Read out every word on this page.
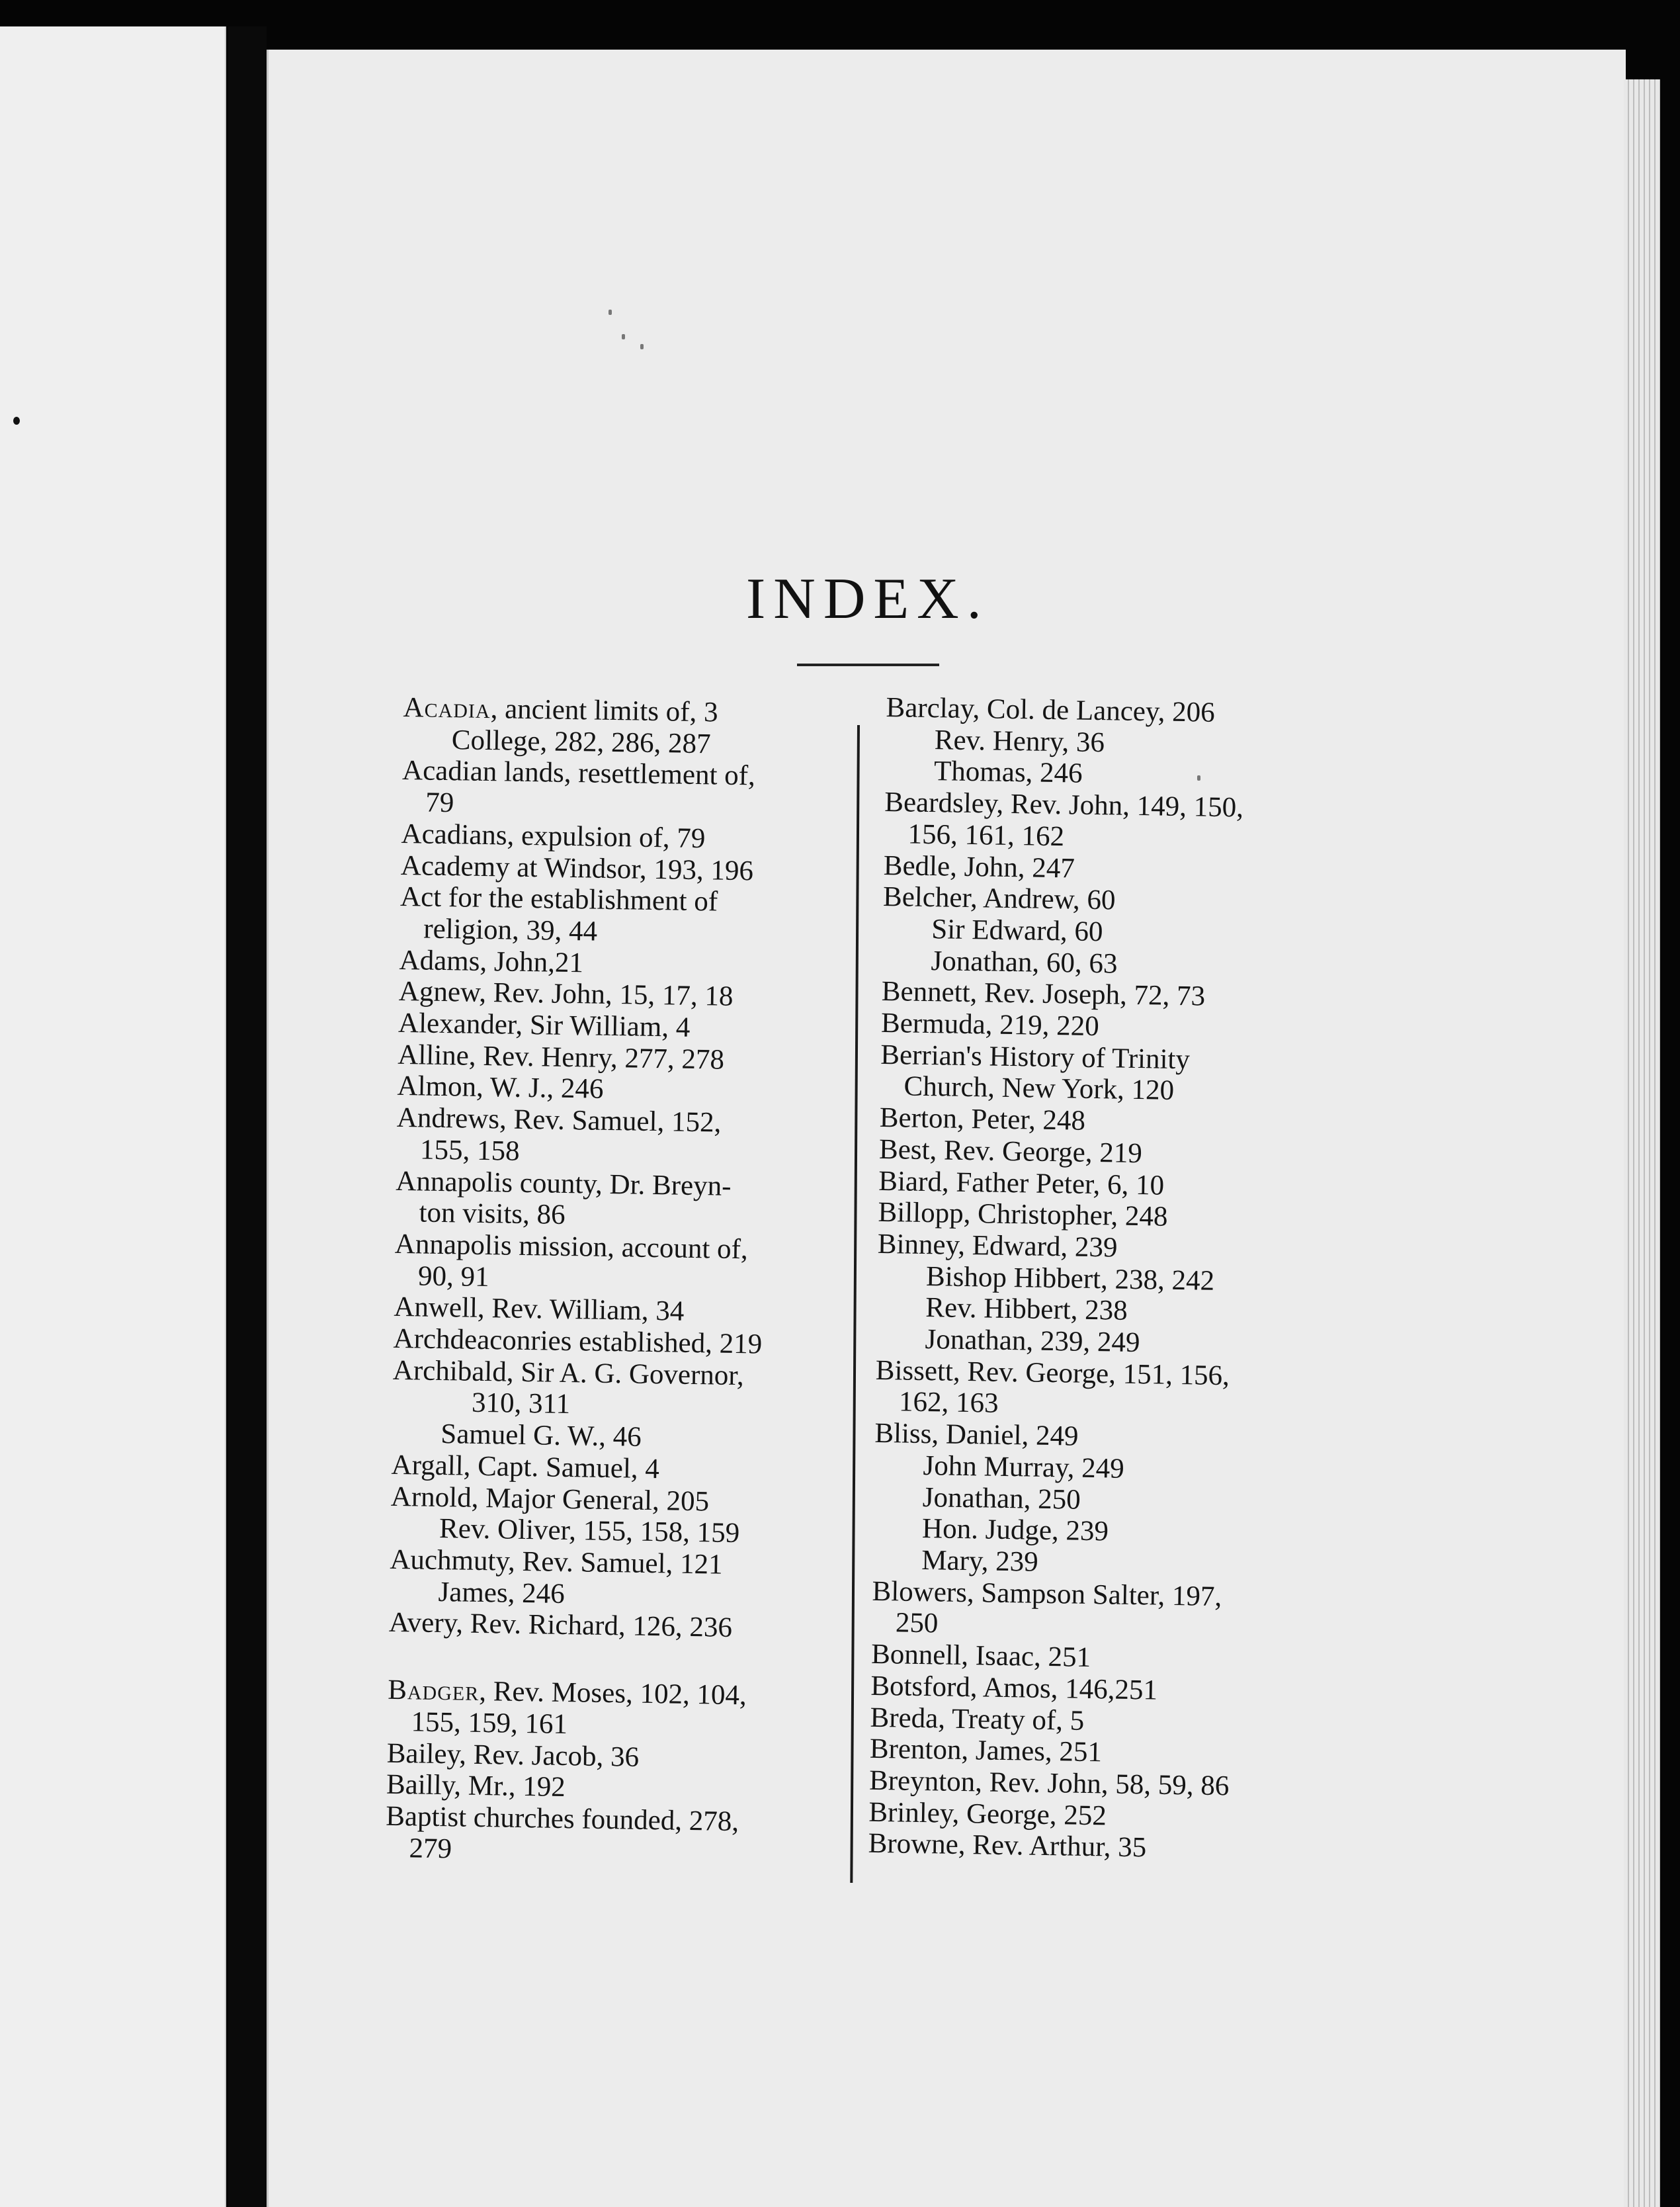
INDEX.
Acadia, ancient limits of, 3
College, 282, 286, 287
Acadian lands, resettlement of,
79
Acadians, expulsion of, 79
Academy at Windsor, 193, 196
Act for the establishment of
religion, 39, 44
Adams, John,21
Agnew, Rev. John, 15, 17, 18
Alexander, Sir William, 4
Alline, Rev. Henry, 277, 278
Almon, W. J., 246
Andrews, Rev. Samuel, 152,
155, 158
Annapolis county, Dr. Breyn-
ton visits, 86
Annapolis mission, account of,
90, 91
Anwell, Rev. William, 34
Archdeaconries established, 219
Archibald, Sir A. G. Governor,
310, 311
Samuel G. W., 46
Argall, Capt. Samuel, 4
Arnold, Major General, 205
Rev. Oliver, 155, 158, 159
Auchmuty, Rev. Samuel, 121
James, 246
Avery, Rev. Richard, 126, 236
Badger, Rev. Moses, 102, 104,
155, 159, 161
Bailey, Rev. Jacob, 36
Bailly, Mr., 192
Baptist churches founded, 278,
279
Barclay, Col. de Lancey, 206
Rev. Henry, 36
Thomas, 246
Beardsley, Rev. John, 149, 150,
156, 161, 162
Bedle, John, 247
Belcher, Andrew, 60
Sir Edward, 60
Jonathan, 60, 63
Bennett, Rev. Joseph, 72, 73
Bermuda, 219, 220
Berrian's History of Trinity
Church, New York, 120
Berton, Peter, 248
Best, Rev. George, 219
Biard, Father Peter, 6, 10
Billopp, Christopher, 248
Binney, Edward, 239
Bishop Hibbert, 238, 242
Rev. Hibbert, 238
Jonathan, 239, 249
Bissett, Rev. George, 151, 156,
162, 163
Bliss, Daniel, 249
John Murray, 249
Jonathan, 250
Hon. Judge, 239
Mary, 239
Blowers, Sampson Salter, 197,
250
Bonnell, Isaac, 251
Botsford, Amos, 146,251
Breda, Treaty of, 5
Brenton, James, 251
Breynton, Rev. John, 58, 59, 86
Brinley, George, 252
Browne, Rev. Arthur, 35
